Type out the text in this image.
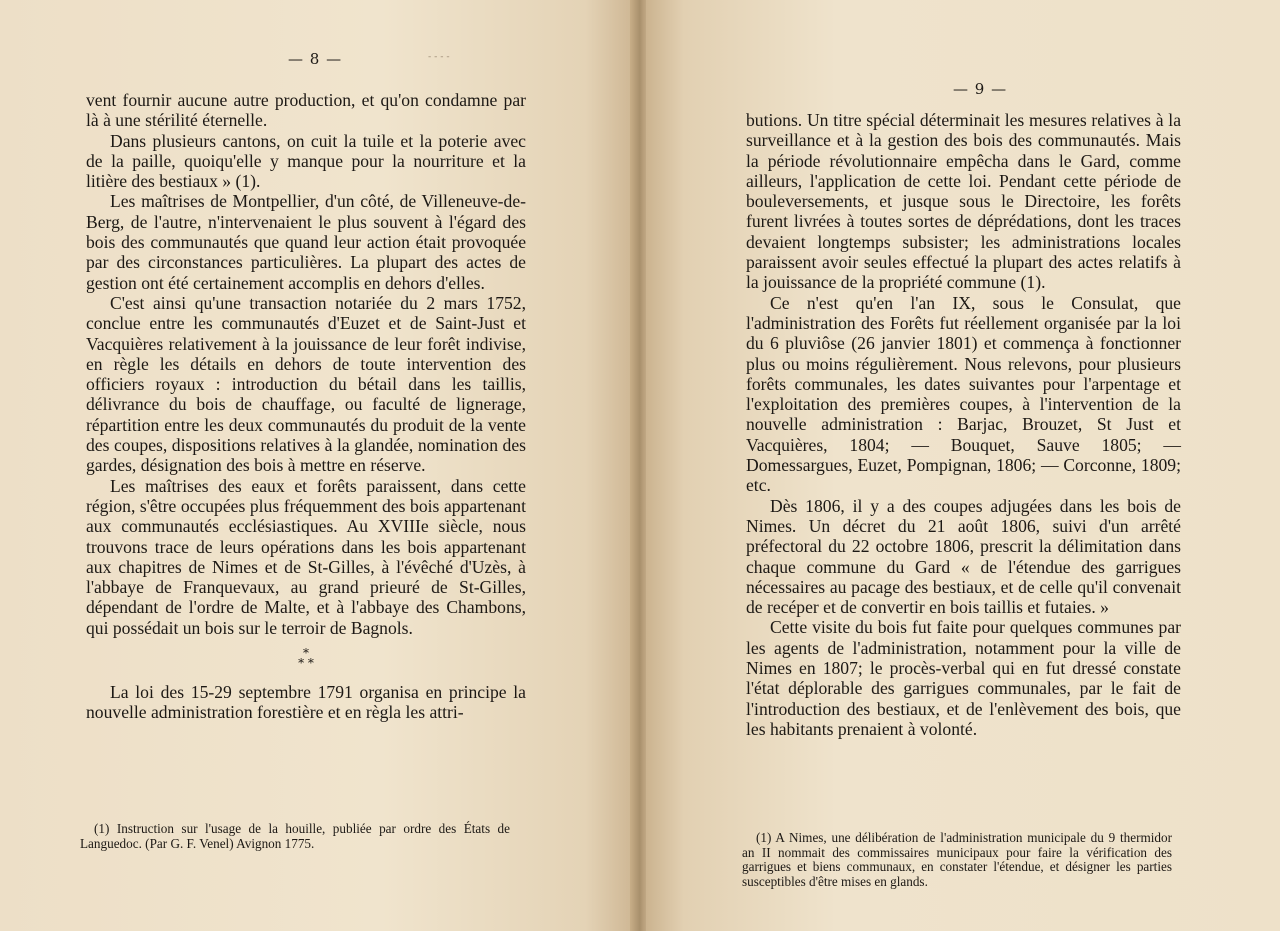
— 8 —	- - - -

vent fournir aucune autre production, et qu'on condamne par là à une stérilité éternelle.

Dans plusieurs cantons, on cuit la tuile et la poterie avec de la paille, quoiqu'elle y manque pour la nourriture et la litière des bestiaux » (1).

Les maîtrises de Montpellier, d'un côté, de Villeneuve-de-Berg, de l'autre, n'intervenaient le plus souvent à l'égard des bois des communautés que quand leur action était provoquée par des circonstances particulières. La plupart des actes de gestion ont été certainement accomplis en dehors d'elles.

C'est ainsi qu'une transaction notariée du 2 mars 1752, conclue entre les communautés d'Euzet et de Saint-Just et Vacquières relativement à la jouissance de leur forêt indivise, en règle les détails en dehors de toute intervention des officiers royaux : introduction du bétail dans les taillis, délivrance du bois de chauffage, ou faculté de lignerage, répartition entre les deux communautés du produit de la vente des coupes, dispositions relatives à la glandée, nomination des gardes, désignation des bois à mettre en réserve.

Les maîtrises des eaux et forêts paraissent, dans cette région, s'être occupées plus fréquemment des bois appartenant aux communautés ecclésiastiques. Au XVIIIe siècle, nous trouvons trace de leurs opérations dans les bois appartenant aux chapitres de Nimes et de St-Gilles, à l'évêché d'Uzès, à l'abbaye de Franquevaux, au grand prieuré de St-Gilles, dépendant de l'ordre de Malte, et à l'abbaye des Chambons, qui possédait un bois sur le terroir de Bagnols.

*
* *

La loi des 15-29 septembre 1791 organisa en principe la nouvelle administration forestière et en règla les attri-

(1) Instruction sur l'usage de la houille, publiée par ordre des États de Languedoc. (Par G. F. Venel) Avignon 1775.
— 9 —

butions. Un titre spécial déterminait les mesures relatives à la surveillance et à la gestion des bois des communautés. Mais la période révolutionnaire empêcha dans le Gard, comme ailleurs, l'application de cette loi. Pendant cette période de bouleversements, et jusque sous le Directoire, les forêts furent livrées à toutes sortes de déprédations, dont les traces devaient longtemps subsister; les administrations locales paraissent avoir seules effectué la plupart des actes relatifs à la jouissance de la propriété commune (1).

Ce n'est qu'en l'an IX, sous le Consulat, que l'administration des Forêts fut réellement organisée par la loi du 6 pluviôse (26 janvier 1801) et commença à fonctionner plus ou moins régulièrement. Nous relevons, pour plusieurs forêts communales, les dates suivantes pour l'arpentage et l'exploitation des premières coupes, à l'intervention de la nouvelle administration : Barjac, Brouzet, St Just et Vacquières, 1804; — Bouquet, Sauve 1805; — Domessargues, Euzet, Pompignan, 1806; — Corconne, 1809; etc.

Dès 1806, il y a des coupes adjugées dans les bois de Nimes. Un décret du 21 août 1806, suivi d'un arrêté préfectoral du 22 octobre 1806, prescrit la délimitation dans chaque commune du Gard « de l'étendue des garrigues nécessaires au pacage des bestiaux, et de celle qu'il convenait de recéper et de convertir en bois taillis et futaies. »

Cette visite du bois fut faite pour quelques communes par les agents de l'administration, notamment pour la ville de Nimes en 1807; le procès-verbal qui en fut dressé constate l'état déplorable des garrigues communales, par le fait de l'introduction des bestiaux, et de l'enlèvement des bois, que les habitants prenaient à volonté.

(1) A Nimes, une délibération de l'administration municipale du 9 thermidor an II nommait des commissaires municipaux pour faire la vérification des garrigues et biens communaux, en constater l'étendue, et désigner les parties susceptibles d'être mises en glands.
